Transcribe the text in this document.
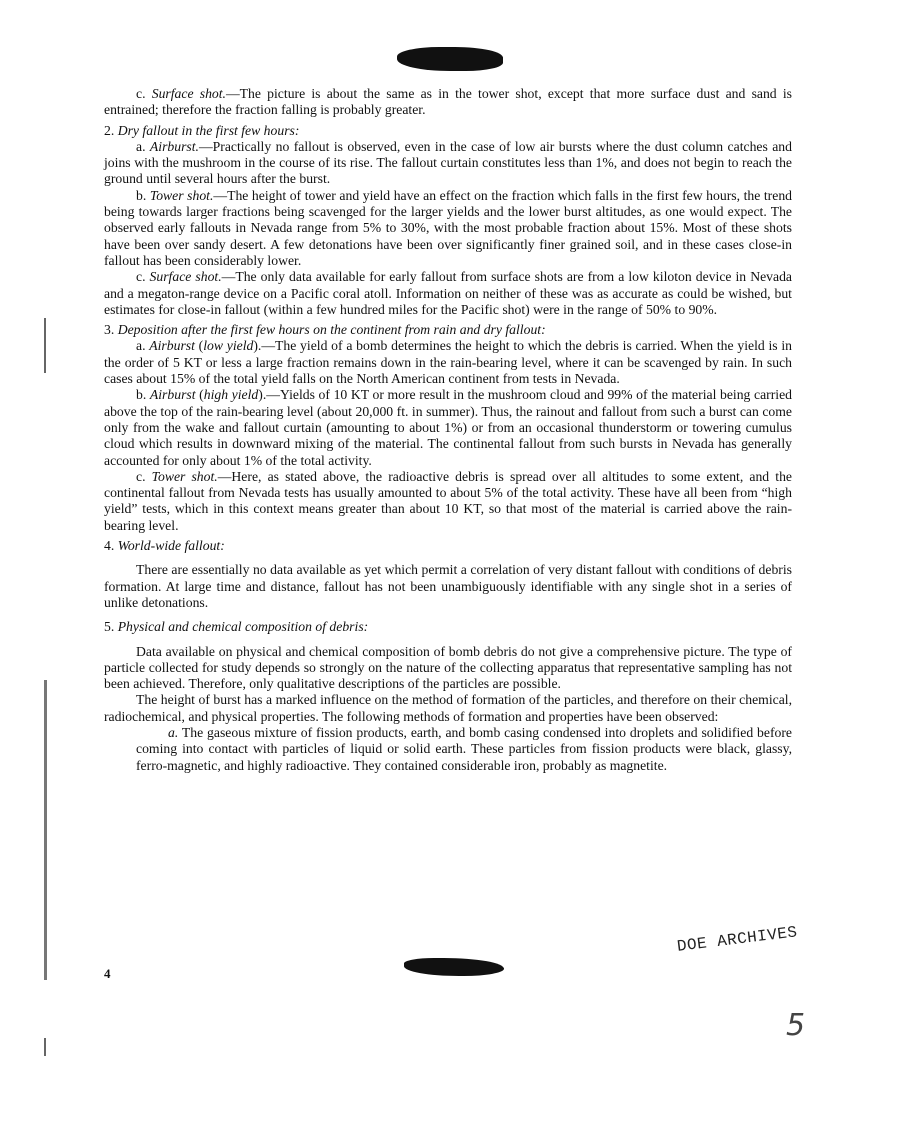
c. Surface shot.—The picture is about the same as in the tower shot, except that more surface dust and sand is entrained; therefore the fraction falling is probably greater.

2. Dry fallout in the first few hours:

a. Airburst.—Practically no fallout is observed, even in the case of low air bursts where the dust column catches and joins with the mushroom in the course of its rise. The fallout curtain constitutes less than 1%, and does not begin to reach the ground until several hours after the burst.

b. Tower shot.—The height of tower and yield have an effect on the fraction which falls in the first few hours, the trend being towards larger fractions being scavenged for the larger yields and the lower burst altitudes, as one would expect. The observed early fallouts in Nevada range from 5% to 30%, with the most probable fraction about 15%. Most of these shots have been over sandy desert. A few detonations have been over significantly finer grained soil, and in these cases close-in fallout has been considerably lower.

c. Surface shot.—The only data available for early fallout from surface shots are from a low kiloton device in Nevada and a megaton-range device on a Pacific coral atoll. Information on neither of these was as accurate as could be wished, but estimates for close-in fallout (within a few hundred miles for the Pacific shot) were in the range of 50% to 90%.

3. Deposition after the first few hours on the continent from rain and dry fallout:

a. Airburst (low yield).—The yield of a bomb determines the height to which the debris is carried. When the yield is in the order of 5 KT or less a large fraction remains down in the rain-bearing level, where it can be scavenged by rain. In such cases about 15% of the total yield falls on the North American continent from tests in Nevada.

b. Airburst (high yield).—Yields of 10 KT or more result in the mushroom cloud and 99% of the material being carried above the top of the rain-bearing level (about 20,000 ft. in summer). Thus, the rainout and fallout from such a burst can come only from the wake and fallout curtain (amounting to about 1%) or from an occasional thunderstorm or towering cumulus cloud which results in downward mixing of the material. The continental fallout from such bursts in Nevada has generally accounted for only about 1% of the total activity.

c. Tower shot.—Here, as stated above, the radioactive debris is spread over all altitudes to some extent, and the continental fallout from Nevada tests has usually amounted to about 5% of the total activity. These have all been from “high yield” tests, which in this context means greater than about 10 KT, so that most of the material is carried above the rain-bearing level.

4. World-wide fallout:

There are essentially no data available as yet which permit a correlation of very distant fallout with conditions of debris formation. At large time and distance, fallout has not been unambiguously identifiable with any single shot in a series of unlike detonations.

5. Physical and chemical composition of debris:

Data available on physical and chemical composition of bomb debris do not give a comprehensive picture. The type of particle collected for study depends so strongly on the nature of the collecting apparatus that representative sampling has not been achieved. Therefore, only qualitative descriptions of the particles are possible.

The height of burst has a marked influence on the method of formation of the particles, and therefore on their chemical, radiochemical, and physical properties. The following methods of formation and properties have been observed:

a. The gaseous mixture of fission products, earth, and bomb casing condensed into droplets and solidified before coming into contact with particles of liquid or solid earth. These particles from fission products were black, glassy, ferro-magnetic, and highly radioactive. They contained considerable iron, probably as magnetite.

4
DOE ARCHIVES
5
